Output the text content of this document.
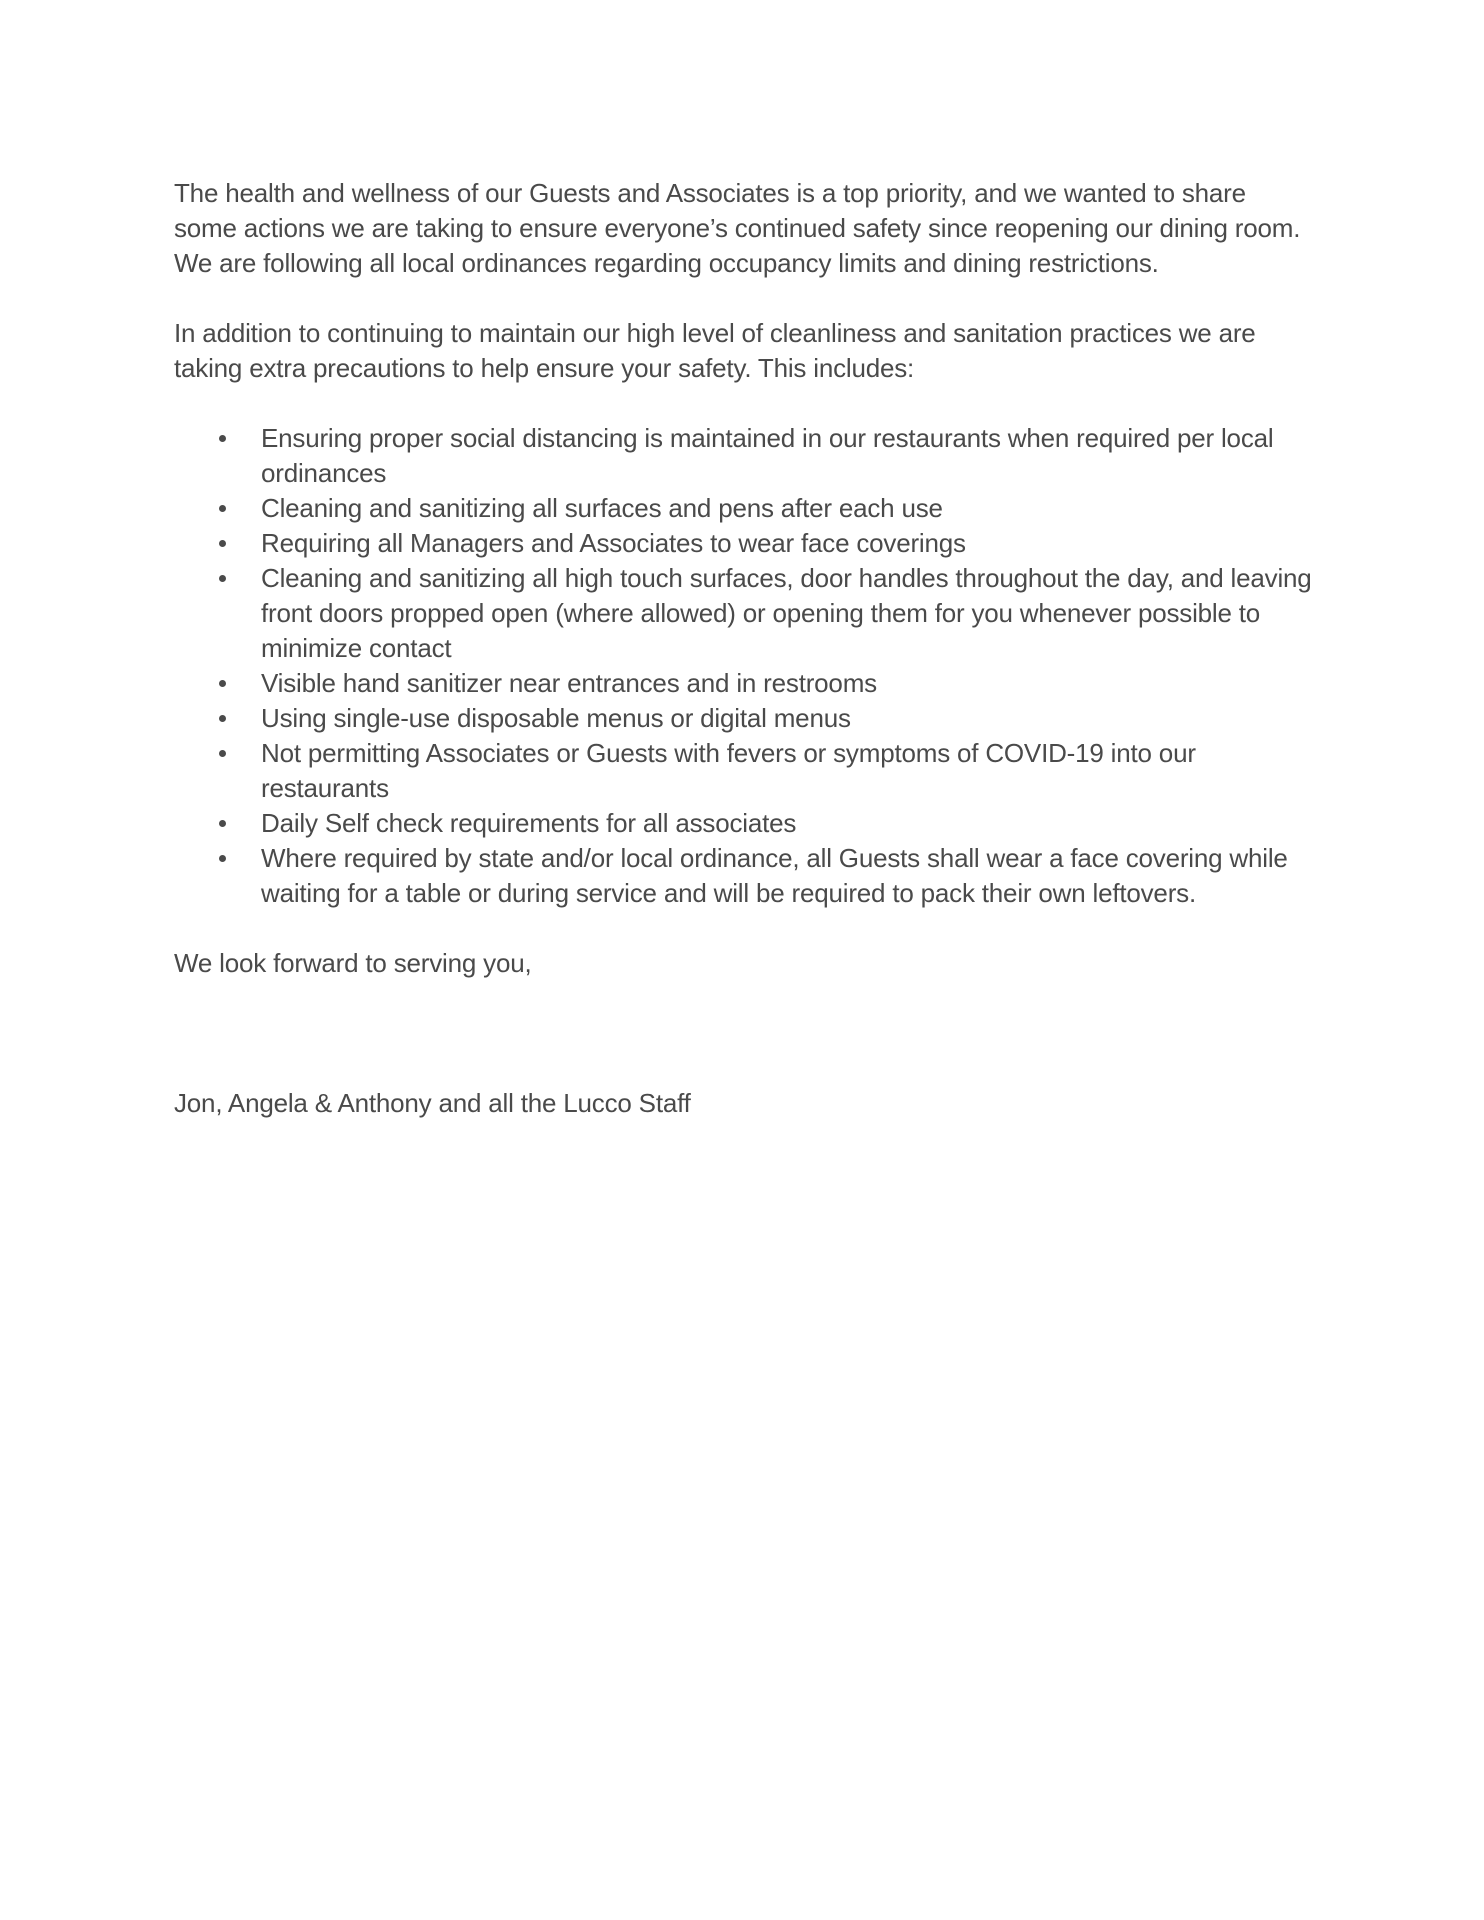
The health and wellness of our Guests and Associates is a top priority, and we wanted to share some actions we are taking to ensure everyone’s continued safety since reopening our dining room. We are following all local ordinances regarding occupancy limits and dining restrictions.

In addition to continuing to maintain our high level of cleanliness and sanitation practices we are taking extra precautions to help ensure your safety. This includes:

Ensuring proper social distancing is maintained in our restaurants when required per local ordinances
Cleaning and sanitizing all surfaces and pens after each use
Requiring all Managers and Associates to wear face coverings
Cleaning and sanitizing all high touch surfaces, door handles throughout the day, and leaving front doors propped open (where allowed) or opening them for you whenever possible to minimize contact
Visible hand sanitizer near entrances and in restrooms
Using single-use disposable menus or digital menus
Not permitting Associates or Guests with fevers or symptoms of COVID-19 into our restaurants
Daily Self check requirements for all associates
Where required by state and/or local ordinance, all Guests shall wear a face covering while waiting for a table or during service and will be required to pack their own leftovers.

We look forward to serving you,

Jon, Angela & Anthony and all the Lucco Staff
